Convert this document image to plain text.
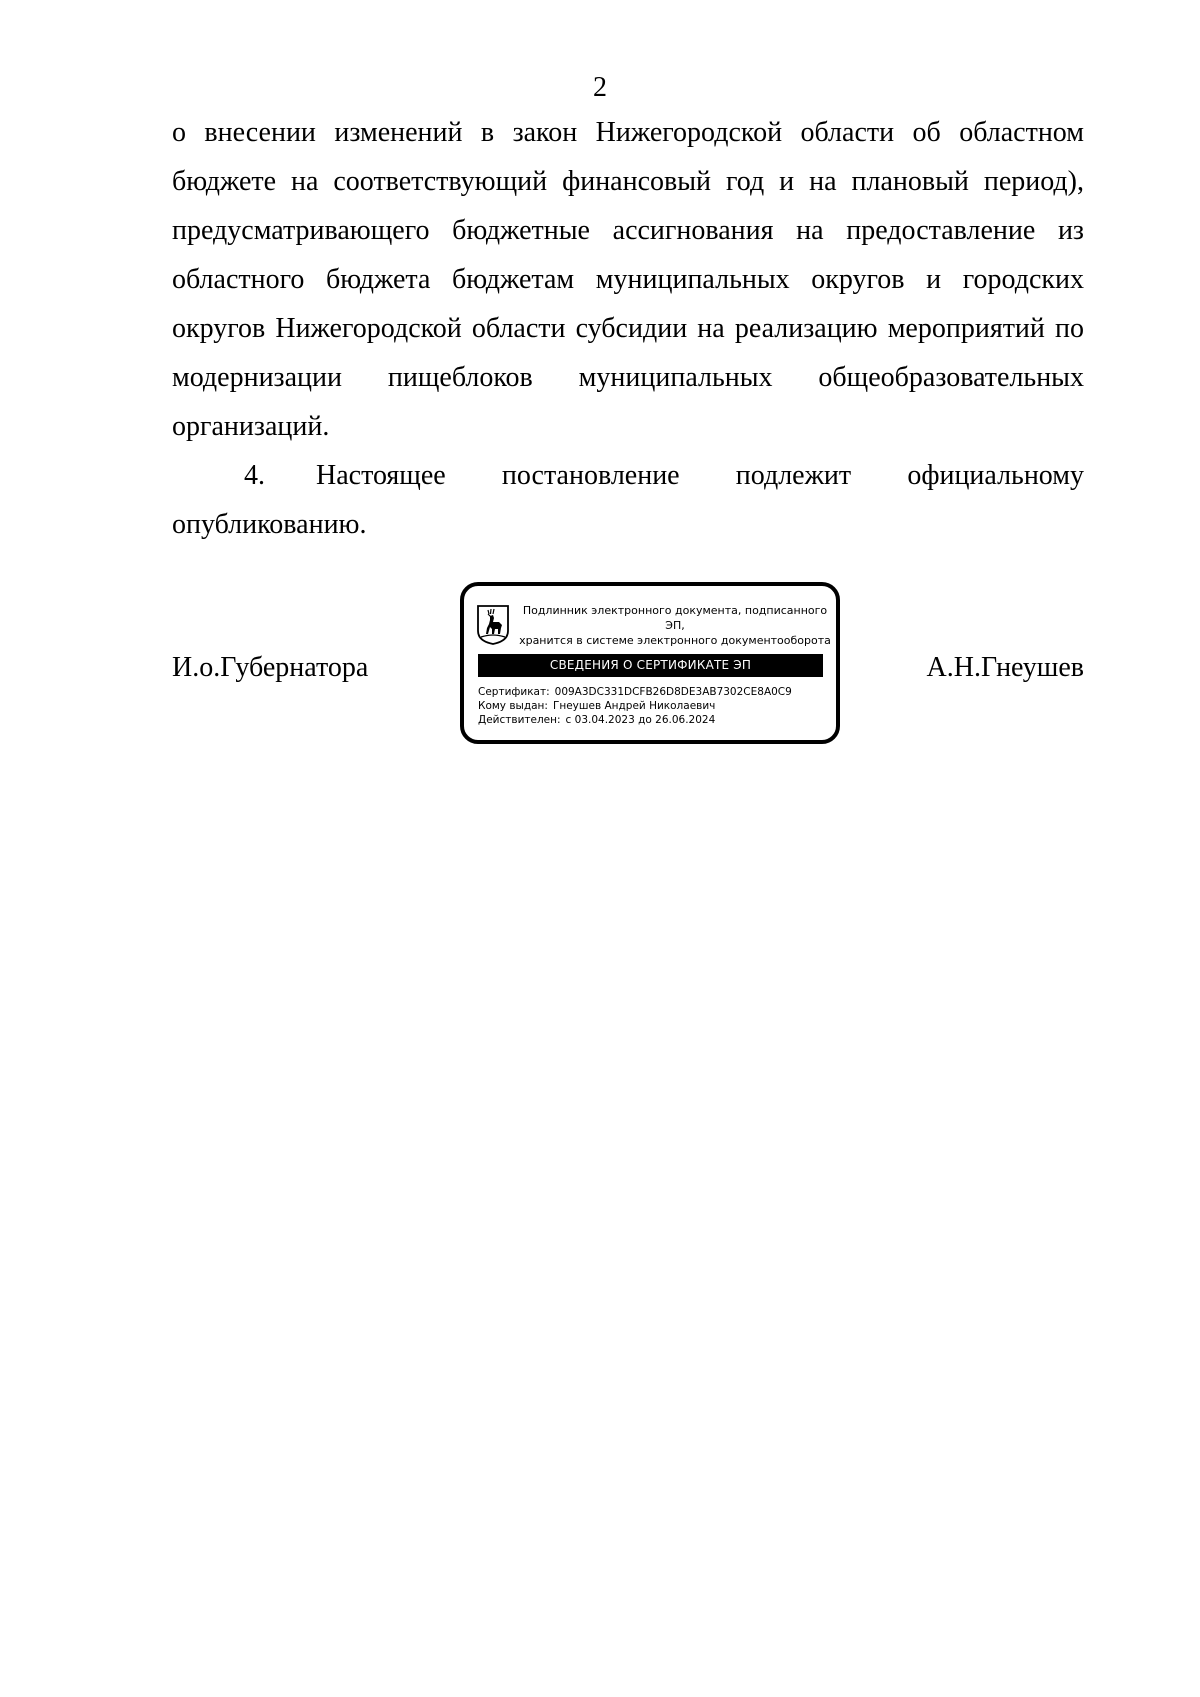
2

о внесении изменений в закон Нижегородской области об областном бюджете на соответствующий финансовый год и на плановый период), предусматривающего бюджетные ассигнования на предоставление из областного бюджета бюджетам муниципальных округов и городских округов Нижегородской области субсидии на реализацию мероприятий по модернизации пищеблоков муниципальных общеобразовательных организаций.

4. Настоящее постановление подлежит официальному опубликованию.

И.о.Губернатора
Подлинник электронного документа, подписанного ЭП,
хранится в системе электронного документооборота
СВЕДЕНИЯ О СЕРТИФИКАТЕ ЭП
Сертификат: 009A3DC331DCFB26D8DE3AB7302CE8A0C9
Кому выдан: Гнеушев Андрей Николаевич
Действителен: с 03.04.2023 до 26.06.2024
А.Н.Гнеушев
